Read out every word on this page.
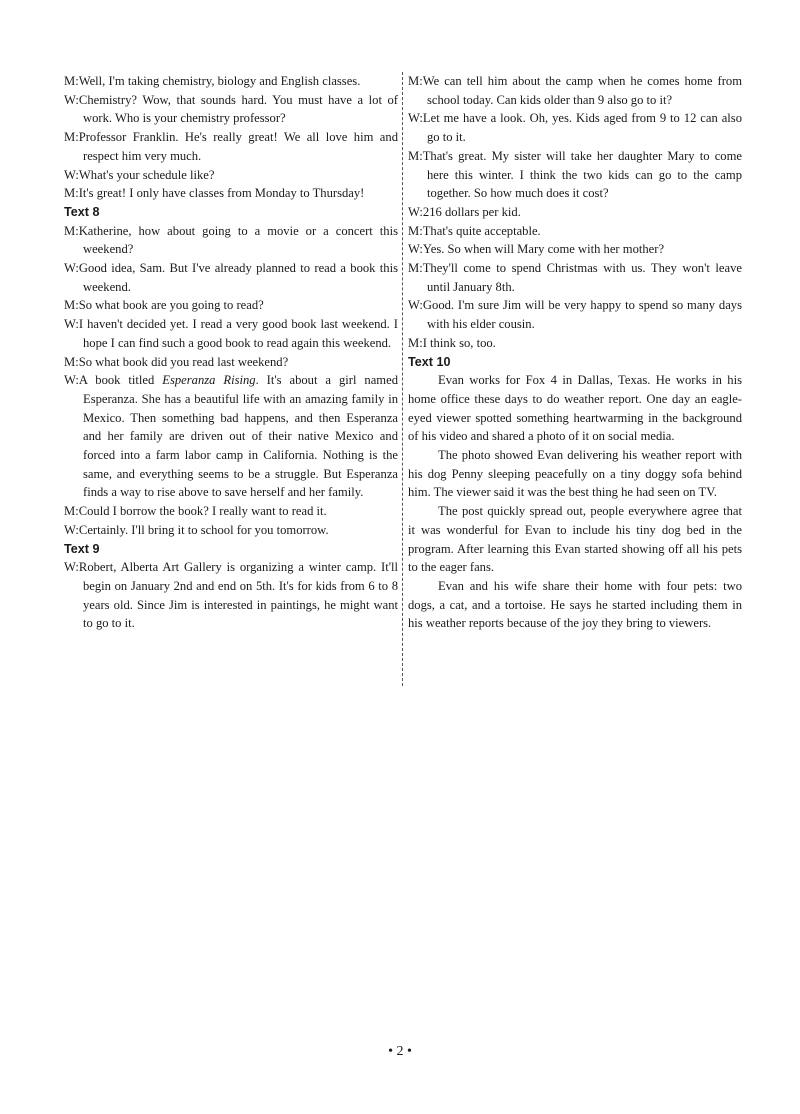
M:Well, I'm taking chemistry, biology and English classes.
W:Chemistry? Wow, that sounds hard. You must have a lot of work. Who is your chemistry professor?
M:Professor Franklin. He's really great! We all love him and respect him very much.
W:What's your schedule like?
M:It's great! I only have classes from Monday to Thursday!
Text 8
M:Katherine, how about going to a movie or a concert this weekend?
W:Good idea, Sam. But I've already planned to read a book this weekend.
M:So what book are you going to read?
W:I haven't decided yet. I read a very good book last weekend. I hope I can find such a good book to read again this weekend.
M:So what book did you read last weekend?
W:A book titled Esperanza Rising. It's about a girl named Esperanza. She has a beautiful life with an amazing family in Mexico. Then something bad happens, and then Esperanza and her family are driven out of their native Mexico and forced into a farm labor camp in California. Nothing is the same, and everything seems to be a struggle. But Esperanza finds a way to rise above to save herself and her family.
M:Could I borrow the book? I really want to read it.
W:Certainly. I'll bring it to school for you tomorrow.
Text 9
W:Robert, Alberta Art Gallery is organizing a winter camp. It'll begin on January 2nd and end on 5th. It's for kids from 6 to 8 years old. Since Jim is interested in paintings, he might want to go to it.
M:We can tell him about the camp when he comes home from school today. Can kids older than 9 also go to it?
W:Let me have a look. Oh, yes. Kids aged from 9 to 12 can also go to it.
M:That's great. My sister will take her daughter Mary to come here this winter. I think the two kids can go to the camp together. So how much does it cost?
W:216 dollars per kid.
M:That's quite acceptable.
W:Yes. So when will Mary come with her mother?
M:They'll come to spend Christmas with us. They won't leave until January 8th.
W:Good. I'm sure Jim will be very happy to spend so many days with his elder cousin.
M:I think so, too.
Text 10

Evan works for Fox 4 in Dallas, Texas. He works in his home office these days to do weather report. One day an eagle-eyed viewer spotted something heartwarming in the background of his video and shared a photo of it on social media.

The photo showed Evan delivering his weather report with his dog Penny sleeping peacefully on a tiny doggy sofa behind him. The viewer said it was the best thing he had seen on TV.

The post quickly spread out, people everywhere agree that it was wonderful for Evan to include his tiny dog bed in the program. After learning this Evan started showing off all his pets to the eager fans.

Evan and his wife share their home with four pets: two dogs, a cat, and a tortoise. He says he started including them in his weather reports because of the joy they bring to viewers.

• 2 •
